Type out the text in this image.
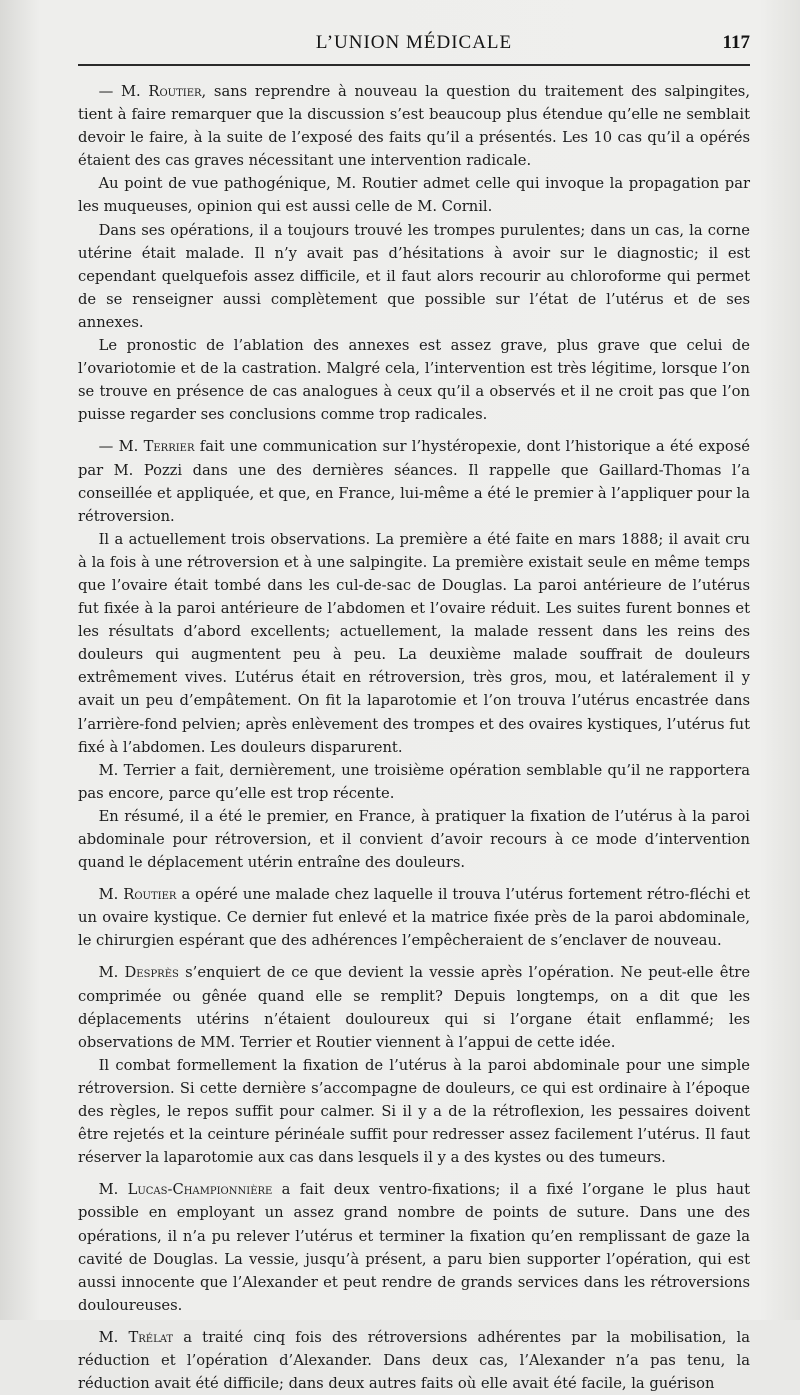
L’UNION MÉDICALE	117

— M. Routier, sans reprendre à nouveau la question du traitement des salpingites, tient à faire remarquer que la discussion s’est beaucoup plus étendue qu’elle ne semblait devoir le faire, à la suite de l’exposé des faits qu’il a présentés. Les 10 cas qu’il a opérés étaient des cas graves nécessitant une intervention radicale.

Au point de vue pathogénique, M. Routier admet celle qui invoque la propagation par les muqueuses, opinion qui est aussi celle de M. Cornil.

Dans ses opérations, il a toujours trouvé les trompes purulentes; dans un cas, la corne utérine était malade. Il n’y avait pas d’hésitations à avoir sur le diagnostic; il est cependant quelquefois assez difficile, et il faut alors recourir au chloroforme qui permet de se renseigner aussi complètement que possible sur l’état de l’utérus et de ses annexes.

Le pronostic de l’ablation des annexes est assez grave, plus grave que celui de l’ovariotomie et de la castration. Malgré cela, l’intervention est très légitime, lorsque l’on se trouve en présence de cas analogues à ceux qu’il a observés et il ne croit pas que l’on puisse regarder ses conclusions comme trop radicales.

— M. Terrier fait une communication sur l’hystéropexie, dont l’historique a été exposé par M. Pozzi dans une des dernières séances. Il rappelle que Gaillard-Thomas l’a conseillée et appliquée, et que, en France, lui-même a été le premier à l’appliquer pour la rétroversion.

Il a actuellement trois observations. La première a été faite en mars 1888; il avait cru à la fois à une rétroversion et à une salpingite. La première existait seule en même temps que l’ovaire était tombé dans les cul-de-sac de Douglas. La paroi antérieure de l’utérus fut fixée à la paroi antérieure de l’abdomen et l’ovaire réduit. Les suites furent bonnes et les résultats d’abord excellents; actuellement, la malade ressent dans les reins des douleurs qui augmentent peu à peu. La deuxième malade souffrait de douleurs extrêmement vives. L’utérus était en rétroversion, très gros, mou, et latéralement il y avait un peu d’empâtement. On fit la laparotomie et l’on trouva l’utérus encastrée dans l’arrière-fond pelvien; après enlèvement des trompes et des ovaires kystiques, l’utérus fut fixé à l’abdomen. Les douleurs disparurent.

M. Terrier a fait, dernièrement, une troisième opération semblable qu’il ne rapportera pas encore, parce qu’elle est trop récente.

En résumé, il a été le premier, en France, à pratiquer la fixation de l’utérus à la paroi abdominale pour rétroversion, et il convient d’avoir recours à ce mode d’intervention quand le déplacement utérin entraîne des douleurs.

M. Routier a opéré une malade chez laquelle il trouva l’utérus fortement rétro-fléchi et un ovaire kystique. Ce dernier fut enlevé et la matrice fixée près de la paroi abdominale, le chirurgien espérant que des adhérences l’empêcheraient de s’enclaver de nouveau.

M. Desprès s’enquiert de ce que devient la vessie après l’opération. Ne peut-elle être comprimée ou gênée quand elle se remplit? Depuis longtemps, on a dit que les déplacements utérins n’étaient douloureux qui si l’organe était enflammé; les observations de MM. Terrier et Routier viennent à l’appui de cette idée.

Il combat formellement la fixation de l’utérus à la paroi abdominale pour une simple rétroversion. Si cette dernière s’accompagne de douleurs, ce qui est ordinaire à l’époque des règles, le repos suffit pour calmer. Si il y a de la rétroflexion, les pessaires doivent être rejetés et la ceinture périnéale suffit pour redresser assez facilement l’utérus. Il faut réserver la laparotomie aux cas dans lesquels il y a des kystes ou des tumeurs.

M. Lucas-Championnière a fait deux ventro-fixations; il a fixé l’organe le plus haut possible en employant un assez grand nombre de points de suture. Dans une des opérations, il n’a pu relever l’utérus et terminer la fixation qu’en remplissant de gaze la cavité de Douglas. La vessie, jusqu’à présent, a paru bien supporter l’opération, qui est aussi innocente que l’Alexander et peut rendre de grands services dans les rétroversions douloureuses.

M. Trélat a traité cinq fois des rétroversions adhérentes par la mobilisation, la réduction et l’opération d’Alexander. Dans deux cas, l’Alexander n’a pas tenu, la réduction avait été difficile; dans deux autres faits où elle avait été facile, la guérison
